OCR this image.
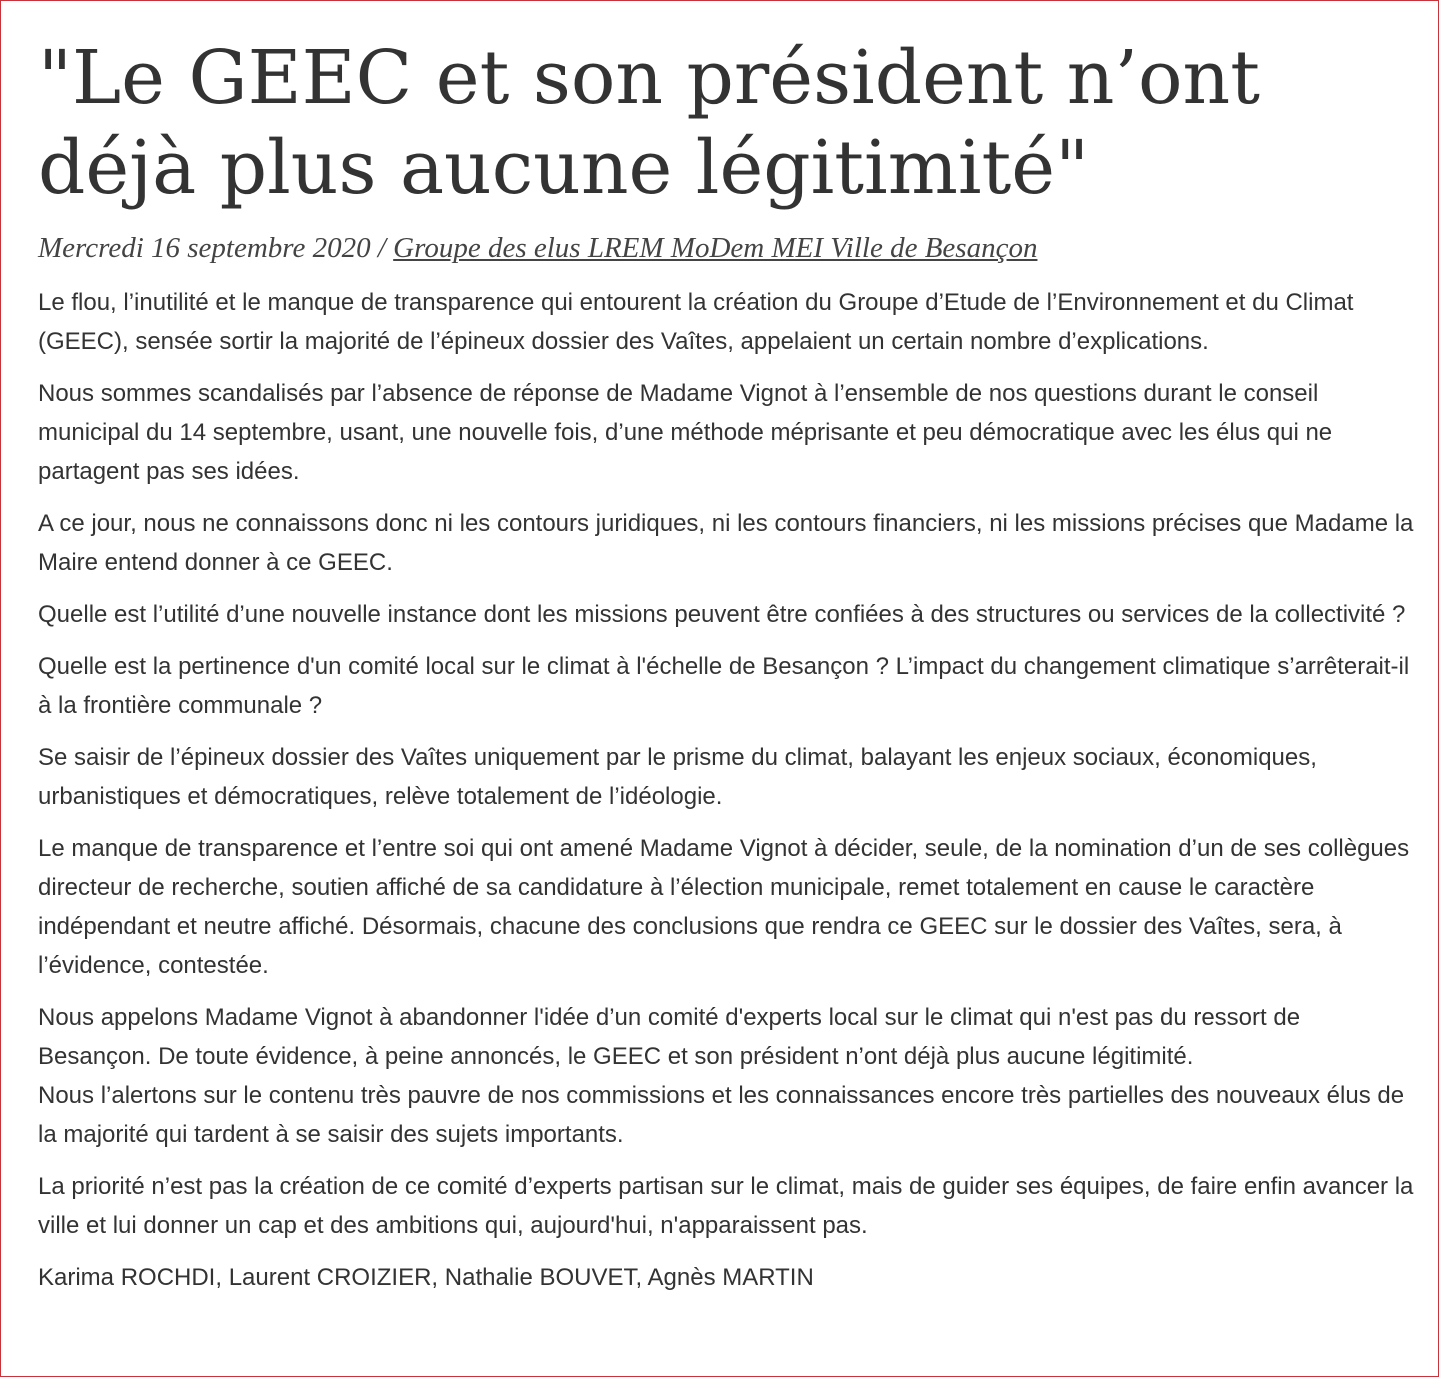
"Le GEEC et son président n’ont déjà plus aucune légitimité"
Mercredi 16 septembre 2020 / Groupe des elus LREM MoDem MEI Ville de Besançon

Le flou, l’inutilité et le manque de transparence qui entourent la création du Groupe d’Etude de l’Environnement et du Climat (GEEC), sensée sortir la majorité de l’épineux dossier des Vaîtes, appelaient un certain nombre d’explications.

Nous sommes scandalisés par l’absence de réponse de Madame Vignot à l’ensemble de nos questions durant le conseil municipal du 14 septembre, usant, une nouvelle fois, d’une méthode méprisante et peu démocratique avec les élus qui ne partagent pas ses idées.

A ce jour, nous ne connaissons donc ni les contours juridiques, ni les contours financiers, ni les missions précises que Madame la Maire entend donner à ce GEEC.

Quelle est l’utilité d’une nouvelle instance dont les missions peuvent être confiées à des structures ou services de la collectivité ?

Quelle est la pertinence d'un comité local sur le climat à l'échelle de Besançon ? L’impact du changement climatique s’arrêterait-il à la frontière communale ?

Se saisir de l’épineux dossier des Vaîtes uniquement par le prisme du climat, balayant les enjeux sociaux, économiques, urbanistiques et démocratiques, relève totalement de l’idéologie.

Le manque de transparence et l’entre soi qui ont amené Madame Vignot à décider, seule, de la nomination d’un de ses collègues directeur de recherche, soutien affiché de sa candidature à l’élection municipale, remet totalement en cause le caractère indépendant et neutre affiché. Désormais, chacune des conclusions que rendra ce GEEC sur le dossier des Vaîtes, sera, à l’évidence, contestée.

Nous appelons Madame Vignot à abandonner l'idée d’un comité d'experts local sur le climat qui n'est pas du ressort de Besançon. De toute évidence, à peine annoncés, le GEEC et son président n’ont déjà plus aucune légitimité.
Nous l’alertons sur le contenu très pauvre de nos commissions et les connaissances encore très partielles des nouveaux élus de la majorité qui tardent à se saisir des sujets importants.

La priorité n’est pas la création de ce comité d’experts partisan sur le climat, mais de guider ses équipes, de faire enfin avancer la ville et lui donner un cap et des ambitions qui, aujourd'hui, n'apparaissent pas.

Karima ROCHDI, Laurent CROIZIER, Nathalie BOUVET, Agnès MARTIN
